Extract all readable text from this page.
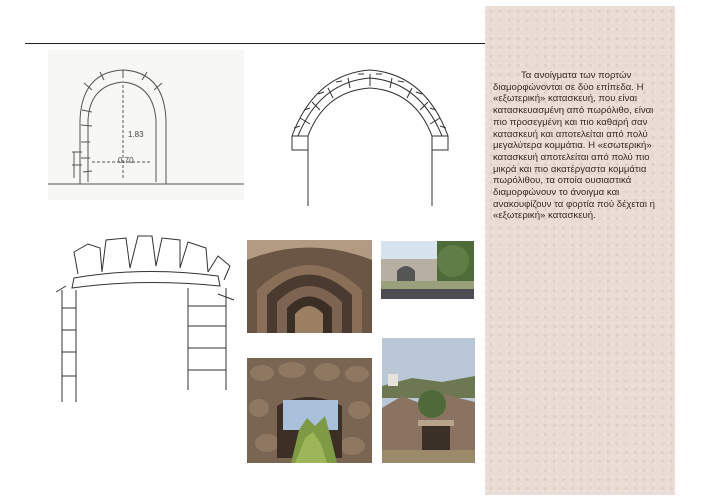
1.83
0.70
Τα ανοίγματα των πορτών διαμορφώνονται σε δύο επίπεδα. Η «εξωτερική» κατασκευή, που είναι κατασκευασμένη από πωρόλιθο, είναι πιο προσεγμένη και πιο καθαρή σαν κατασκευή και αποτελείται από πολύ μεγαλύτερα κομμάτια. Η «εσωτερική» κατασκευή αποτελείται από πολύ πιο μικρά και πιο ακατέργαστα κομμάτια πωρόλιθου, τα οποία ουσιαστικά διαμορφώνουν το άνοιγμα και ανακουφίζουν τα φορτία πού δέχεται η «εξωτερική» κατασκευή.
